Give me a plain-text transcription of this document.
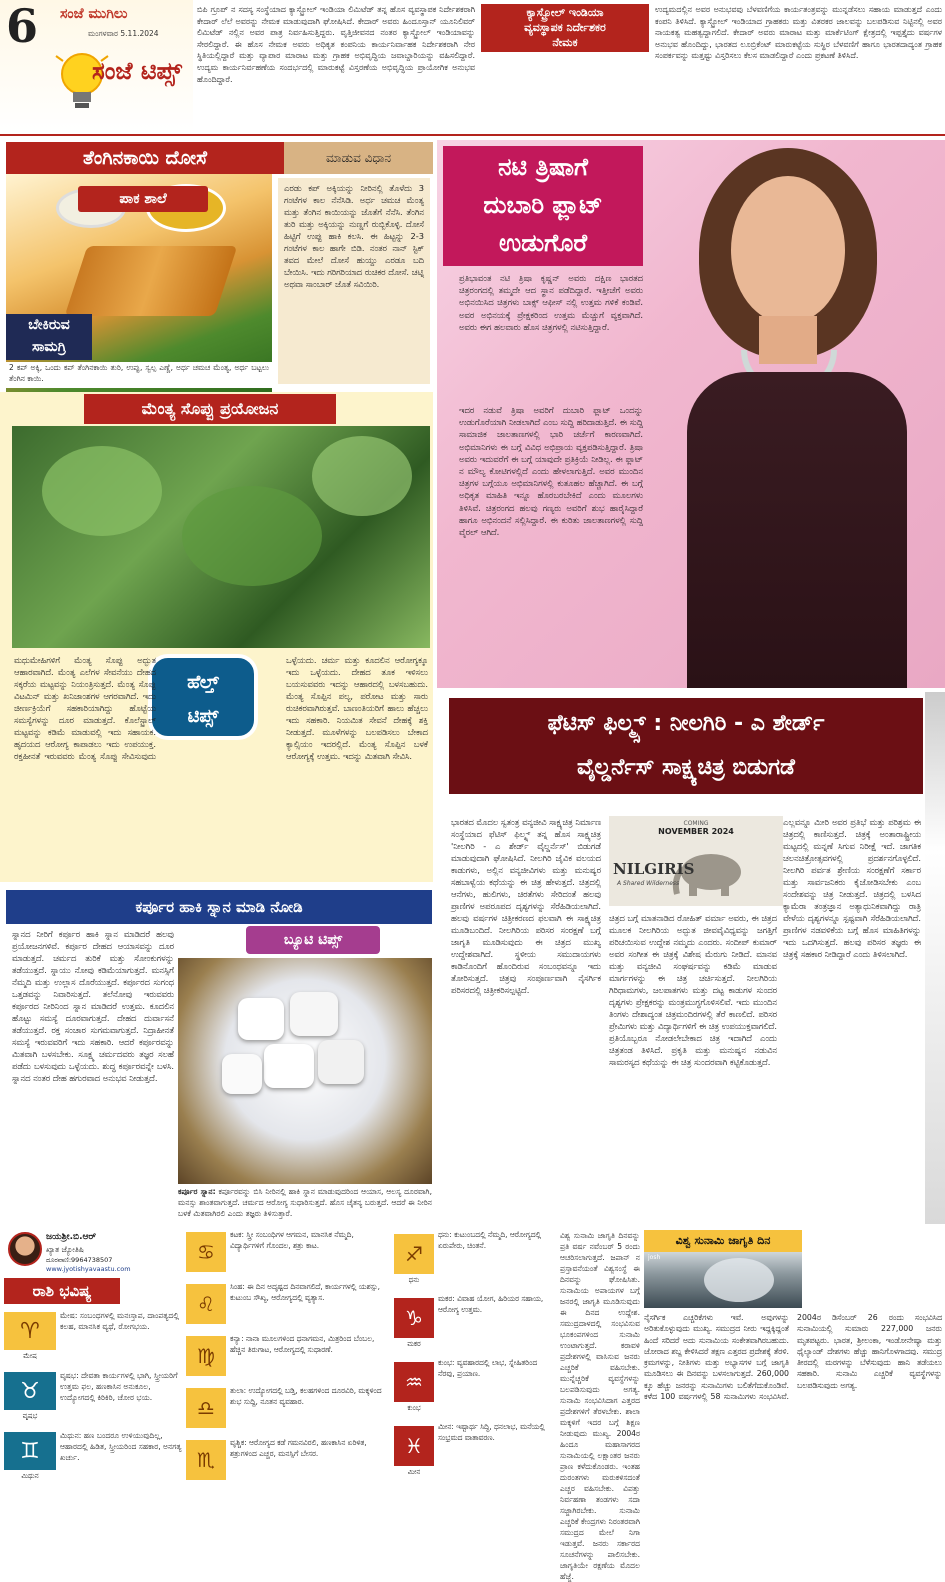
6 ಸಂಜೆ ಮುಗಿಲು
ಮಂಗಳವಾರ 5.11.2024
ಸಂಜೆ ಟಿಪ್ಸ್
ಬಿಪಿ ಗ್ರೂಪ್ ನ ಸದಸ್ಯ ಸಂಸ್ಥೆಯಾದ ಕ್ಯಾಸ್ಟ್ರೋಲ್ ಇಂಡಿಯಾ ಲಿಮಿಟೆಡ್ ತನ್ನ ಹೊಸ ವ್ಯವಸ್ಥಾಪಕ ನಿರ್ದೇಶಕರಾಗಿ ಕೇದಾರ್ ಲೆಲೆ ಅವರನ್ನು ನೇಮಕ ಮಾಡುವುದಾಗಿ ಘೋಷಿಸಿದೆ. ಕೇದಾರ್ ಅವರು ಹಿಂದೂಸ್ತಾನ್ ಯೂನಿಲಿವರ್ ಲಿಮಿಟೆಡ್ ನಲ್ಲಿನ ಅವರ ಪಾತ್ರ ನಿರ್ವಹಿಸುತ್ತಿದ್ದರು. ವೃತ್ತಿಜೀವನದ ನಂತರ ಕ್ಯಾಸ್ಟ್ರೋಲ್ ಇಂಡಿಯಾವನ್ನು ಸೇರಲಿದ್ದಾರೆ. ಈ ಹೊಸ ನೇಮಕ ಅವರು ಅಧಿಕೃತ ಕಂಪನಿಯ ಕಾರ್ಯನಿರ್ವಾಹಕ ನಿರ್ದೇಶಕರಾಗಿ ನೇರ ಸ್ಥಿತಿಯಲ್ಲಿದ್ದಾರೆ ಮತ್ತು ವ್ಯಾಪಾರ ಮಾರಾಟ ಮತ್ತು ಗ್ರಾಹಕ ಅಭಿವೃದ್ಧಿಯ ಜವಾಬ್ದಾರಿಯನ್ನು ವಹಿಸಲಿದ್ದಾರೆ. ಉದ್ಯಮ ಕಾರ್ಯನಿರ್ವಹಣೆಯ ಸಂದರ್ಭದಲ್ಲಿ ಮಾರುಕಟ್ಟೆ ವಿಸ್ತರಣೆಯ ಅಭಿವೃದ್ಧಿಯ ಪ್ರಾಯೋಗಿಕ ಅನುಭವ ಹೊಂದಿದ್ದಾರೆ.
ಕ್ಯಾಸ್ಟ್ರೋಲ್ ಇಂಡಿಯಾ
ವ್ಯವಸ್ಥಾಪಕ ನಿರ್ದೇಶಕರ
ನೇಮಕ
ಉದ್ಯಮದಲ್ಲಿನ ಅವರ ಅನುಭವವು ಬೆಳವಣಿಗೆಯ ಕಾರ್ಯತಂತ್ರವನ್ನು ಮುನ್ನಡೆಸಲು ಸಹಾಯ ಮಾಡುತ್ತದೆ ಎಂದು ಕಂಪನಿ ತಿಳಿಸಿದೆ. ಕ್ಯಾಸ್ಟ್ರೋಲ್ ಇಂಡಿಯಾದ ಗ್ರಾಹಕರು ಮತ್ತು ವಿತರಕರ ಜಾಲವನ್ನು ಬಲಪಡಿಸುವ ನಿಟ್ಟಿನಲ್ಲಿ ಅವರ ನಾಯಕತ್ವ ಮಹತ್ವದ್ದಾಗಲಿದೆ. ಕೇದಾರ್ ಅವರು ಮಾರಾಟ ಮತ್ತು ಮಾರ್ಕೆಟಿಂಗ್ ಕ್ಷೇತ್ರದಲ್ಲಿ ಇಪ್ಪತ್ತೈದು ವರ್ಷಗಳ ಅನುಭವ ಹೊಂದಿದ್ದು, ಭಾರತದ ಲೂಬ್ರಿಕೆಂಟ್ ಮಾರುಕಟ್ಟೆಯ ಸುಸ್ಥಿರ ಬೆಳವಣಿಗೆ ಹಾಗೂ ಭಾರತದಾದ್ಯಂತ ಗ್ರಾಹಕ ಸಂಪರ್ಕವನ್ನು ಮತ್ತಷ್ಟು ವಿಸ್ತರಿಸಲು ಕೆಲಸ ಮಾಡಲಿದ್ದಾರೆ ಎಂದು ಪ್ರಕಟಣೆ ತಿಳಿಸಿದೆ.
ತೆಂಗಿನಕಾಯಿ ದೋಸೆ	ಮಾಡುವ ವಿಧಾನ
ಪಾಕ ಶಾಲೆ
ಬೇಕಿರುವ
ಸಾಮಗ್ರಿ
2 ಕಪ್ ಅಕ್ಕಿ, ಒಂದು ಕಪ್ ತೆಂಗಿನಕಾಯಿ ತುರಿ, ಉಪ್ಪು, ಸ್ವಲ್ಪ ಎಣ್ಣೆ, ಅರ್ಧ ಚಮಚ ಮೆಂತ್ಯ, ಅರ್ಧ ಬಟ್ಟಲು ತೆಂಗಿನ ಕಾಯಿ.
ಎರಡು ಕಪ್ ಅಕ್ಕಿಯನ್ನು ನೀರಿನಲ್ಲಿ ತೊಳೆದು 3 ಗಂಟೆಗಳ ಕಾಲ ನೆನೆಸಿಡಿ. ಅರ್ಧ ಚಮಚ ಮೆಂತ್ಯ ಮತ್ತು ತೆಂಗಿನ ಕಾಯಿಯನ್ನು ಜೊತೆಗೆ ನೆನೆಸಿ. ತೆಂಗಿನ ತುರಿ ಮತ್ತು ಅಕ್ಕಿಯನ್ನು ನುಣ್ಣಗೆ ರುಬ್ಬಿಕೊಳ್ಳಿ. ದೋಸೆ ಹಿಟ್ಟಿಗೆ ಉಪ್ಪು ಹಾಕಿ ಕಲಸಿ. ಈ ಹಿಟ್ಟನ್ನು 2-3 ಗಂಟೆಗಳ ಕಾಲ ಹಾಗೇ ಬಿಡಿ. ನಂತರ ನಾನ್ ಸ್ಟಿಕ್ ತವದ ಮೇಲೆ ದೋಸೆ ಹುಯ್ದು ಎರಡೂ ಬದಿ ಬೇಯಿಸಿ. ಇದು ಗರಿಗರಿಯಾದ ರುಚಿಕರ ದೋಸೆ. ಚಟ್ನಿ ಅಥವಾ ಸಾಂಬಾರ್ ಜೊತೆ ಸವಿಯಿರಿ.
ನಟಿ ತ್ರಿಷಾಗೆ
ದುಬಾರಿ ಫ್ಲಾಟ್
ಉಡುಗೊರೆ
ಪ್ರತಿಭಾವಂತ ನಟಿ ತ್ರಿಷಾ ಕೃಷ್ಣನ್ ಅವರು ದಕ್ಷಿಣ ಭಾರತದ ಚಿತ್ರರಂಗದಲ್ಲಿ ತಮ್ಮದೇ ಆದ ಸ್ಥಾನ ಪಡೆದಿದ್ದಾರೆ. ಇತ್ತೀಚೆಗೆ ಅವರು ಅಭಿನಯಿಸಿದ ಚಿತ್ರಗಳು ಬಾಕ್ಸ್ ಆಫೀಸ್ ನಲ್ಲಿ ಉತ್ತಮ ಗಳಿಕೆ ಕಂಡಿವೆ. ಅವರ ಅಭಿನಯಕ್ಕೆ ಪ್ರೇಕ್ಷಕರಿಂದ ಉತ್ತಮ ಮೆಚ್ಚುಗೆ ವ್ಯಕ್ತವಾಗಿದೆ. ಅವರು ಈಗ ಹಲವಾರು ಹೊಸ ಚಿತ್ರಗಳಲ್ಲಿ ನಟಿಸುತ್ತಿದ್ದಾರೆ.
ಇದರ ನಡುವೆ ತ್ರಿಷಾ ಅವರಿಗೆ ದುಬಾರಿ ಫ್ಲಾಟ್ ಒಂದನ್ನು ಉಡುಗೊರೆಯಾಗಿ ನೀಡಲಾಗಿದೆ ಎಂಬ ಸುದ್ದಿ ಹರಿದಾಡುತ್ತಿದೆ. ಈ ಸುದ್ದಿ ಸಾಮಾಜಿಕ ಜಾಲತಾಣಗಳಲ್ಲಿ ಭಾರಿ ಚರ್ಚೆಗೆ ಕಾರಣವಾಗಿದೆ. ಅಭಿಮಾನಿಗಳು ಈ ಬಗ್ಗೆ ವಿವಿಧ ಅಭಿಪ್ರಾಯ ವ್ಯಕ್ತಪಡಿಸುತ್ತಿದ್ದಾರೆ. ತ್ರಿಷಾ ಅವರು ಇದುವರೆಗೆ ಈ ಬಗ್ಗೆ ಯಾವುದೇ ಪ್ರತಿಕ್ರಿಯೆ ನೀಡಿಲ್ಲ. ಈ ಫ್ಲಾಟ್ ನ ಮೌಲ್ಯ ಕೋಟಿಗಳಲ್ಲಿದೆ ಎಂದು ಹೇಳಲಾಗುತ್ತಿದೆ. ಅವರ ಮುಂದಿನ ಚಿತ್ರಗಳ ಬಗ್ಗೆಯೂ ಅಭಿಮಾನಿಗಳಲ್ಲಿ ಕುತೂಹಲ ಹೆಚ್ಚಾಗಿದೆ. ಈ ಬಗ್ಗೆ ಅಧಿಕೃತ ಮಾಹಿತಿ ಇನ್ನೂ ಹೊರಬರಬೇಕಿದೆ ಎಂದು ಮೂಲಗಳು ತಿಳಿಸಿವೆ. ಚಿತ್ರರಂಗದ ಹಲವು ಗಣ್ಯರು ಅವರಿಗೆ ಶುಭ ಹಾರೈಸಿದ್ದಾರೆ ಹಾಗೂ ಅಭಿನಂದನೆ ಸಲ್ಲಿಸಿದ್ದಾರೆ. ಈ ಕುರಿತು ಜಾಲತಾಣಗಳಲ್ಲಿ ಸುದ್ದಿ ವೈರಲ್ ಆಗಿದೆ.
ಮೆಂತ್ಯ ಸೊಪ್ಪು ಪ್ರಯೋಜನ
ಹೆಲ್ತ್
ಟಿಪ್ಸ್
ಮಧುಮೇಹಿಗಳಿಗೆ ಮೆಂತ್ಯ ಸೊಪ್ಪು ಅದ್ಭುತ ಆಹಾರವಾಗಿದೆ. ಮೆಂತ್ಯ ಎಲೆಗಳ ಸೇವನೆಯು ದೇಹದ ಸಕ್ಕರೆಯ ಮಟ್ಟವನ್ನು ನಿಯಂತ್ರಿಸುತ್ತದೆ. ಮೆಂತ್ಯ ಸೊಪ್ಪು ವಿಟಮಿನ್ ಮತ್ತು ಖನಿಜಾಂಶಗಳ ಆಗರವಾಗಿದೆ. ಇದು ಜೀರ್ಣಕ್ರಿಯೆಗೆ ಸಹಕಾರಿಯಾಗಿದ್ದು ಹೊಟ್ಟೆಯ ಸಮಸ್ಯೆಗಳನ್ನು ದೂರ ಮಾಡುತ್ತದೆ. ಕೊಲೆಸ್ಟ್ರಾಲ್ ಮಟ್ಟವನ್ನು ಕಡಿಮೆ ಮಾಡುವಲ್ಲಿ ಇದು ಸಹಾಯಕ. ಹೃದಯದ ಆರೋಗ್ಯ ಕಾಪಾಡಲು ಇದು ಉಪಯುಕ್ತ. ರಕ್ತಹೀನತೆ ಇರುವವರು ಮೆಂತ್ಯ ಸೊಪ್ಪು ಸೇವಿಸುವುದು ಒಳ್ಳೆಯದು. ಚರ್ಮ ಮತ್ತು ಕೂದಲಿನ ಆರೋಗ್ಯಕ್ಕೂ ಇದು ಒಳ್ಳೆಯದು. ದೇಹದ ತೂಕ ಇಳಿಸಲು ಬಯಸುವವರು ಇದನ್ನು ಆಹಾರದಲ್ಲಿ ಬಳಸಬಹುದು. ಮೆಂತ್ಯ ಸೊಪ್ಪಿನ ಪಲ್ಯ, ಪರೋಟ ಮತ್ತು ಸಾರು ರುಚಿಕರವಾಗಿರುತ್ತವೆ. ಬಾಣಂತಿಯರಿಗೆ ಹಾಲು ಹೆಚ್ಚಲು ಇದು ಸಹಕಾರಿ. ನಿಯಮಿತ ಸೇವನೆ ದೇಹಕ್ಕೆ ಶಕ್ತಿ ನೀಡುತ್ತದೆ. ಮೂಳೆಗಳನ್ನು ಬಲಪಡಿಸಲು ಬೇಕಾದ ಕ್ಯಾಲ್ಸಿಯಂ ಇದರಲ್ಲಿದೆ. ಮೆಂತ್ಯ ಸೊಪ್ಪಿನ ಬಳಕೆ ಆರೋಗ್ಯಕ್ಕೆ ಉತ್ತಮ. ಇದನ್ನು ಮಿತವಾಗಿ ಸೇವಿಸಿ.
ಕರ್ಪೂರ ಹಾಕಿ ಸ್ನಾನ ಮಾಡಿ ನೋಡಿ
ಸ್ನಾನದ ನೀರಿಗೆ ಕರ್ಪೂರ ಹಾಕಿ ಸ್ನಾನ ಮಾಡಿದರೆ ಹಲವು ಪ್ರಯೋಜನಗಳಿವೆ. ಕರ್ಪೂರ ದೇಹದ ಆಯಾಸವನ್ನು ದೂರ ಮಾಡುತ್ತದೆ. ಚರ್ಮದ ತುರಿಕೆ ಮತ್ತು ಸೋಂಕುಗಳನ್ನು ತಡೆಯುತ್ತದೆ. ಸ್ನಾಯು ನೋವು ಕಡಿಮೆಯಾಗುತ್ತದೆ. ಮನಸ್ಸಿಗೆ ನೆಮ್ಮದಿ ಮತ್ತು ಉಲ್ಲಾಸ ದೊರೆಯುತ್ತದೆ. ಕರ್ಪೂರದ ಸುಗಂಧ ಒತ್ತಡವನ್ನು ನಿವಾರಿಸುತ್ತದೆ. ತಲೆನೋವು ಇರುವವರು ಕರ್ಪೂರದ ನೀರಿನಿಂದ ಸ್ನಾನ ಮಾಡಿದರೆ ಉತ್ತಮ. ಕೂದಲಿನ ಹೊಟ್ಟು ಸಮಸ್ಯೆ ದೂರವಾಗುತ್ತದೆ. ದೇಹದ ದುರ್ವಾಸನೆ ತಡೆಯುತ್ತದೆ. ರಕ್ತ ಸಂಚಾರ ಸುಗಮವಾಗುತ್ತದೆ. ನಿದ್ರಾಹೀನತೆ ಸಮಸ್ಯೆ ಇರುವವರಿಗೆ ಇದು ಸಹಕಾರಿ. ಆದರೆ ಕರ್ಪೂರವನ್ನು ಮಿತವಾಗಿ ಬಳಸಬೇಕು. ಸೂಕ್ಷ್ಮ ಚರ್ಮದವರು ತಜ್ಞರ ಸಲಹೆ ಪಡೆದು ಬಳಸುವುದು ಒಳ್ಳೆಯದು. ಶುದ್ಧ ಕರ್ಪೂರವನ್ನೇ ಬಳಸಿ. ಸ್ನಾನದ ನಂತರ ದೇಹ ಹಗುರವಾದ ಅನುಭವ ನೀಡುತ್ತದೆ.
ಬ್ಯೂಟಿ ಟಿಪ್ಸ್
ಕರ್ಪೂರ ಸ್ನಾನ: ಕರ್ಪೂರವನ್ನು ಬಿಸಿ ನೀರಿನಲ್ಲಿ ಹಾಕಿ ಸ್ನಾನ ಮಾಡುವುದರಿಂದ ಆಯಾಸ, ಆಲಸ್ಯ ದೂರವಾಗಿ, ಮನಸ್ಸು ಶಾಂತವಾಗುತ್ತದೆ. ಚರ್ಮದ ಆರೋಗ್ಯ ಸುಧಾರಿಸುತ್ತದೆ. ಹೊಸ ಚೈತನ್ಯ ಬರುತ್ತದೆ. ಆದರೆ ಈ ನೀರಿನ ಬಳಕೆ ಮಿತವಾಗಿರಲಿ ಎಂದು ತಜ್ಞರು ತಿಳಿಸುತ್ತಾರೆ.
ಫೆಟಿಸ್ ಫಿಲ್ಮ್ಸ್ : ನೀಲಗಿರಿ - ಎ ಶೇರ್ಡ್
ವೈಲ್ಡರ್ನೆಸ್ ಸಾಕ್ಷ್ಯಚಿತ್ರ ಬಿಡುಗಡೆ
ಭಾರತದ ಮೊದಲ ಸ್ವತಂತ್ರ ವನ್ಯಜೀವಿ ಸಾಕ್ಷ್ಯಚಿತ್ರ ನಿರ್ಮಾಣ ಸಂಸ್ಥೆಯಾದ ಫೆಟಿಸ್ ಫಿಲ್ಮ್ಸ್ ತನ್ನ ಹೊಸ ಸಾಕ್ಷ್ಯಚಿತ್ರ 'ನೀಲಗಿರಿ - ಎ ಶೇರ್ಡ್ ವೈಲ್ಡರ್ನೆಸ್' ಬಿಡುಗಡೆ ಮಾಡುವುದಾಗಿ ಘೋಷಿಸಿದೆ. ನೀಲಗಿರಿ ಜೈವಿಕ ವಲಯದ ಕಾಡುಗಳು, ಅಲ್ಲಿನ ವನ್ಯಜೀವಿಗಳು ಮತ್ತು ಮನುಷ್ಯರ ಸಹಬಾಳ್ವೆಯ ಕಥೆಯನ್ನು ಈ ಚಿತ್ರ ಹೇಳುತ್ತದೆ. ಚಿತ್ರದಲ್ಲಿ ಆನೆಗಳು, ಹುಲಿಗಳು, ಚಿರತೆಗಳು ಸೇರಿದಂತೆ ಹಲವು ಪ್ರಾಣಿಗಳ ಅಪರೂಪದ ದೃಶ್ಯಗಳನ್ನು ಸೆರೆಹಿಡಿಯಲಾಗಿದೆ. ಹಲವು ವರ್ಷಗಳ ಚಿತ್ರೀಕರಣದ ಫಲವಾಗಿ ಈ ಸಾಕ್ಷ್ಯಚಿತ್ರ ಮೂಡಿಬಂದಿದೆ. ನೀಲಗಿರಿಯ ಪರಿಸರ ಸಂರಕ್ಷಣೆ ಬಗ್ಗೆ ಜಾಗೃತಿ ಮೂಡಿಸುವುದು ಈ ಚಿತ್ರದ ಮುಖ್ಯ ಉದ್ದೇಶವಾಗಿದೆ. ಸ್ಥಳೀಯ ಸಮುದಾಯಗಳು ಕಾಡಿನೊಂದಿಗೆ ಹೊಂದಿರುವ ಸಂಬಂಧವನ್ನೂ ಇದು ತೋರಿಸುತ್ತದೆ. ಚಿತ್ರವು ಸಂಪೂರ್ಣವಾಗಿ ನೈಸರ್ಗಿಕ ಪರಿಸರದಲ್ಲಿ ಚಿತ್ರೀಕರಿಸಲ್ಪಟ್ಟಿದೆ.
COMING
NOVEMBER 2024
NILGIRIS
A Shared Wilderness
ಚಿತ್ರದ ಬಗ್ಗೆ ಮಾತನಾಡಿದ ರೋಹಿತ್ ವರ್ಮಾ ಅವರು, ಈ ಚಿತ್ರದ ಮೂಲಕ ನೀಲಗಿರಿಯ ಅದ್ಭುತ ಜೀವವೈವಿಧ್ಯವನ್ನು ಜಗತ್ತಿಗೆ ಪರಿಚಯಿಸುವ ಉದ್ದೇಶ ನಮ್ಮದು ಎಂದರು. ಸಂದೀಪ್ ಕುಮಾರ್ ಅವರ ಸಂಗೀತ ಈ ಚಿತ್ರಕ್ಕೆ ವಿಶೇಷ ಮೆರುಗು ನೀಡಿದೆ. ಮಾನವ ಮತ್ತು ವನ್ಯಜೀವಿ ಸಂಘರ್ಷವನ್ನು ಕಡಿಮೆ ಮಾಡುವ ಮಾರ್ಗಗಳನ್ನು ಈ ಚಿತ್ರ ಚರ್ಚಿಸುತ್ತದೆ. ನೀಲಗಿರಿಯ ಗಿರಿಧಾಮಗಳು, ಜಲಪಾತಗಳು ಮತ್ತು ದಟ್ಟ ಕಾಡುಗಳ ಸುಂದರ ದೃಶ್ಯಗಳು ಪ್ರೇಕ್ಷಕರನ್ನು ಮಂತ್ರಮುಗ್ಧಗೊಳಿಸಲಿವೆ. ಇದು ಮುಂದಿನ ತಿಂಗಳು ದೇಶಾದ್ಯಂತ ಚಿತ್ರಮಂದಿರಗಳಲ್ಲಿ ತೆರೆ ಕಾಣಲಿದೆ. ಪರಿಸರ ಪ್ರೇಮಿಗಳು ಮತ್ತು ವಿದ್ಯಾರ್ಥಿಗಳಿಗೆ ಈ ಚಿತ್ರ ಉಪಯುಕ್ತವಾಗಲಿದೆ. ಪ್ರತಿಯೊಬ್ಬರೂ ನೋಡಲೇಬೇಕಾದ ಚಿತ್ರ ಇದಾಗಿದೆ ಎಂದು ಚಿತ್ರತಂಡ ತಿಳಿಸಿದೆ. ಪ್ರಕೃತಿ ಮತ್ತು ಮನುಷ್ಯನ ನಡುವಿನ ಸಾಮರಸ್ಯದ ಕಥೆಯನ್ನು ಈ ಚಿತ್ರ ಸುಂದರವಾಗಿ ಕಟ್ಟಿಕೊಡುತ್ತದೆ.
ಎಲ್ಲವನ್ನೂ ಮೀರಿ ಅವರ ಪ್ರತಿಭೆ ಮತ್ತು ಪರಿಶ್ರಮ ಈ ಚಿತ್ರದಲ್ಲಿ ಕಾಣಿಸುತ್ತದೆ. ಚಿತ್ರಕ್ಕೆ ಅಂತಾರಾಷ್ಟ್ರೀಯ ಮಟ್ಟದಲ್ಲಿ ಮನ್ನಣೆ ಸಿಗುವ ನಿರೀಕ್ಷೆ ಇದೆ. ಜಾಗತಿಕ ಚಲನಚಿತ್ರೋತ್ಸವಗಳಲ್ಲಿ ಪ್ರದರ್ಶನಗೊಳ್ಳಲಿದೆ. ನೀಲಗಿರಿ ಪರ್ವತ ಶ್ರೇಣಿಯ ಸಂರಕ್ಷಣೆಗೆ ಸರ್ಕಾರ ಮತ್ತು ಸಾರ್ವಜನಿಕರು ಕೈಜೋಡಿಸಬೇಕು ಎಂಬ ಸಂದೇಶವನ್ನು ಚಿತ್ರ ನೀಡುತ್ತದೆ. ಚಿತ್ರದಲ್ಲಿ ಬಳಸಿದ ಕ್ಯಾಮೆರಾ ತಂತ್ರಜ್ಞಾನ ಅತ್ಯಾಧುನಿಕವಾಗಿದ್ದು ರಾತ್ರಿ ವೇಳೆಯ ದೃಶ್ಯಗಳನ್ನೂ ಸ್ಪಷ್ಟವಾಗಿ ಸೆರೆಹಿಡಿಯಲಾಗಿದೆ. ಪ್ರಾಣಿಗಳ ನಡವಳಿಕೆಯ ಬಗ್ಗೆ ಹೊಸ ಮಾಹಿತಿಗಳನ್ನು ಇದು ಒದಗಿಸುತ್ತದೆ. ಹಲವು ಪರಿಸರ ತಜ್ಞರು ಈ ಚಿತ್ರಕ್ಕೆ ಸಹಕಾರ ನೀಡಿದ್ದಾರೆ ಎಂದು ತಿಳಿಸಲಾಗಿದೆ.
ಜಯಶ್ರೀ.ಬಿ.ಆರ್
ಖ್ಯಾತ ಜ್ಯೋತಿಷಿ
ದೂರವಾಣಿ:9964738507
www.jyotishyavaastu.com
ರಾಶಿ ಭವಿಷ್ಯ
♈
ಮೇಷ
ಮೇಷ: ಸಂಬಂಧಗಳಲ್ಲಿ ಮನಃಸ್ತಾಪ, ದಾಂಪತ್ಯದಲ್ಲಿ ಕಲಹ, ಮಾನಸಿಕ ವ್ಯಥೆ, ರೋಗಭಯ.
♉
ವೃಷಭ
ವೃಷಭ: ದೇವತಾ ಕಾರ್ಯಗಳಲ್ಲಿ ಭಾಗಿ, ಸ್ತ್ರೀಯರಿಗೆ ಉತ್ತಮ ಫಲ, ಹಣಕಾಸಿನ ಅನುಕೂಲ, ಉದ್ಯೋಗದಲ್ಲಿ ಕಿರಿಕಿರಿ, ಚೋರ ಭಯ.
♊
ಮಿಥುನ
ಮಿಥುನ: ಹಣ ಬಂದರೂ ಉಳಿಯುವುದಿಲ್ಲ, ಆಹಾರದಲ್ಲಿ ಹಿಡಿತ, ಸ್ತ್ರೀಯರಿಂದ ಸಹಕಾರ, ಅನಗತ್ಯ ಖರ್ಚು.
♋
ಕಟಕ: ಸ್ತ್ರೀ ಸಂಬಂಧಿಗಳ ಆಗಮನ, ಮಾನಸಿಕ ನೆಮ್ಮದಿ, ವಿದ್ಯಾರ್ಥಿಗಳಿಗೆ ಗೊಂದಲ, ಶತ್ರು ಕಾಟ.
♌
ಸಿಂಹ: ಈ ದಿನ ಅದೃಷ್ಟದ ದಿನವಾಗಲಿದೆ, ಕಾರ್ಯಗಳಲ್ಲಿ ಯಶಸ್ಸು, ಕುಟುಂಬ ಸೌಖ್ಯ, ಆರೋಗ್ಯದಲ್ಲಿ ವ್ಯತ್ಯಾಸ.
♍
ಕನ್ಯಾ: ನಾನಾ ಮೂಲಗಳಿಂದ ಧನಾಗಮನ, ಮಿತ್ರರಿಂದ ಬೆಂಬಲ, ಹೆಚ್ಚಿನ ತಿರುಗಾಟ, ಆರೋಗ್ಯದಲ್ಲಿ ಸುಧಾರಣೆ.
♎
ತುಲಾ: ಉದ್ಯೋಗದಲ್ಲಿ ಬಡ್ತಿ, ಕಲಹಗಳಿಂದ ದೂರವಿರಿ, ಮಕ್ಕಳಿಂದ ಶುಭ ಸುದ್ದಿ, ನೂತನ ವ್ಯವಹಾರ.
♏
ವೃಶ್ಚಿಕ: ಆರೋಗ್ಯದ ಕಡೆ ಗಮನವಿರಲಿ, ಹಣಕಾಸಿನ ಏರಿಳಿತ, ಶತ್ರುಗಳಿಂದ ಎಚ್ಚರ, ಮನಸ್ಸಿಗೆ ಬೇಸರ.
♐
ಧನು
ಧನು: ಕುಟುಂಬದಲ್ಲಿ ನೆಮ್ಮದಿ, ಆರೋಗ್ಯದಲ್ಲಿ ಏರುಪೇರು, ಚಿಂತನೆ.
♑
ಮಕರ
ಮಕರ: ವಿವಾಹ ಯೋಗ, ಹಿರಿಯರ ಸಹಾಯ, ಆರೋಗ್ಯ ಉತ್ತಮ.
♒
ಕುಂಭ
ಕುಂಭ: ವ್ಯವಹಾರದಲ್ಲಿ ಲಾಭ, ಸ್ನೇಹಿತರಿಂದ ನೆರವು, ಪ್ರಯಾಣ.
♓
ಮೀನ
ಮೀನ: ಇಷ್ಟಾರ್ಥ ಸಿದ್ಧಿ, ಧನಲಾಭ, ಮನೆಯಲ್ಲಿ ಸಂಭ್ರಮದ ವಾತಾವರಣ.
ವಿಶ್ವ ಸುನಾಮಿ ಜಾಗೃತಿ ದಿನವನ್ನು ಪ್ರತಿ ವರ್ಷ ನವೆಂಬರ್ 5 ರಂದು ಆಚರಿಸಲಾಗುತ್ತದೆ. ಜಪಾನ್ ನ ಪ್ರಸ್ತಾವನೆಯಂತೆ ವಿಶ್ವಸಂಸ್ಥೆ ಈ ದಿನವನ್ನು ಘೋಷಿಸಿತು. ಸುನಾಮಿಯ ಅಪಾಯಗಳ ಬಗ್ಗೆ ಜನರಲ್ಲಿ ಜಾಗೃತಿ ಮೂಡಿಸುವುದು ಈ ದಿನದ ಉದ್ದೇಶ. ಸಮುದ್ರದಾಳದಲ್ಲಿ ಸಂಭವಿಸುವ ಭೂಕಂಪಗಳಿಂದ ಸುನಾಮಿ ಉಂಟಾಗುತ್ತದೆ. ಕರಾವಳಿ ಪ್ರದೇಶಗಳಲ್ಲಿ ವಾಸಿಸುವ ಜನರು ಎಚ್ಚರಿಕೆ ವಹಿಸಬೇಕು. ಮುನ್ನೆಚ್ಚರಿಕೆ ವ್ಯವಸ್ಥೆಗಳನ್ನು ಬಲಪಡಿಸುವುದು ಅಗತ್ಯ. ಸುನಾಮಿ ಸಂಭವಿಸಿದಾಗ ಎತ್ತರದ ಪ್ರದೇಶಗಳಿಗೆ ತೆರಳಬೇಕು. ಶಾಲಾ ಮಕ್ಕಳಿಗೆ ಇದರ ಬಗ್ಗೆ ಶಿಕ್ಷಣ ನೀಡುವುದು ಮುಖ್ಯ. 2004ರ ಹಿಂದೂ ಮಹಾಸಾಗರದ ಸುನಾಮಿಯಲ್ಲಿ ಲಕ್ಷಾಂತರ ಜನರು ಪ್ರಾಣ ಕಳೆದುಕೊಂಡರು. ಇಂತಹ ದುರಂತಗಳು ಮರುಕಳಿಸದಂತೆ ಎಚ್ಚರ ವಹಿಸಬೇಕು. ವಿಪತ್ತು ನಿರ್ವಹಣಾ ತಂಡಗಳು ಸದಾ ಸಜ್ಜಾಗಿರಬೇಕು. ಸುನಾಮಿ ಎಚ್ಚರಿಕೆ ಕೇಂದ್ರಗಳು ನಿರಂತರವಾಗಿ ಸಮುದ್ರದ ಮೇಲೆ ನಿಗಾ ಇಡುತ್ತವೆ. ಜನರು ಸರ್ಕಾರದ ಸೂಚನೆಗಳನ್ನು ಪಾಲಿಸಬೇಕು. ಜಾಗೃತಿಯೇ ರಕ್ಷಣೆಯ ಮೊದಲ ಹೆಜ್ಜೆ.
ವಿಶ್ವ ಸುನಾಮಿ ಜಾಗೃತಿ ದಿನ
josh
ನೈಸರ್ಗಿಕ ಎಚ್ಚರಿಕೆಗಳು ಇವೆ. ಅವುಗಳನ್ನು ಅರಿತುಕೊಳ್ಳುವುದು ಮುಖ್ಯ. ಸಮುದ್ರದ ನೀರು ಇದ್ದಕ್ಕಿದ್ದಂತೆ ಹಿಂದೆ ಸರಿದರೆ ಅದು ಸುನಾಮಿಯ ಸಂಕೇತವಾಗಿರಬಹುದು. ಜೋರಾದ ಶಬ್ದ ಕೇಳಿಸಿದರೆ ತಕ್ಷಣ ಎತ್ತರದ ಪ್ರದೇಶಕ್ಕೆ ತೆರಳಿ. ಕ್ರಮಗಳನ್ನು, ನೀತಿಗಳು ಮತ್ತು ಅಭ್ಯಾಸಗಳ ಬಗ್ಗೆ ಜಾಗೃತಿ ಮೂಡಿಸಲು ಈ ದಿನವನ್ನು ಬಳಸಲಾಗುತ್ತದೆ. 260,000 ಕ್ಕೂ ಹೆಚ್ಚು ಜನರನ್ನು ಸುನಾಮಿಗಳು ಬಲಿತೆಗೆದುಕೊಂಡಿವೆ. ಕಳೆದ 100 ವರ್ಷಗಳಲ್ಲಿ 58 ಸುನಾಮಿಗಳು ಸಂಭವಿಸಿವೆ. 2004ರ ಡಿಸೆಂಬರ್ 26 ರಂದು ಸಂಭವಿಸಿದ ಸುನಾಮಿಯಲ್ಲಿ ಸುಮಾರು 227,000 ಜನರು ಮೃತಪಟ್ಟರು. ಭಾರತ, ಶ್ರೀಲಂಕಾ, ಇಂಡೋನೇಷ್ಯಾ ಮತ್ತು ಥೈಲ್ಯಾಂಡ್ ದೇಶಗಳು ಹೆಚ್ಚು ಹಾನಿಗೊಳಗಾದವು. ಸಮುದ್ರ ತೀರದಲ್ಲಿ ಮರಗಳನ್ನು ಬೆಳೆಸುವುದು ಹಾನಿ ತಡೆಯಲು ಸಹಕಾರಿ. ಸುನಾಮಿ ಎಚ್ಚರಿಕೆ ವ್ಯವಸ್ಥೆಗಳನ್ನು ಬಲಪಡಿಸುವುದು ಅಗತ್ಯ.
